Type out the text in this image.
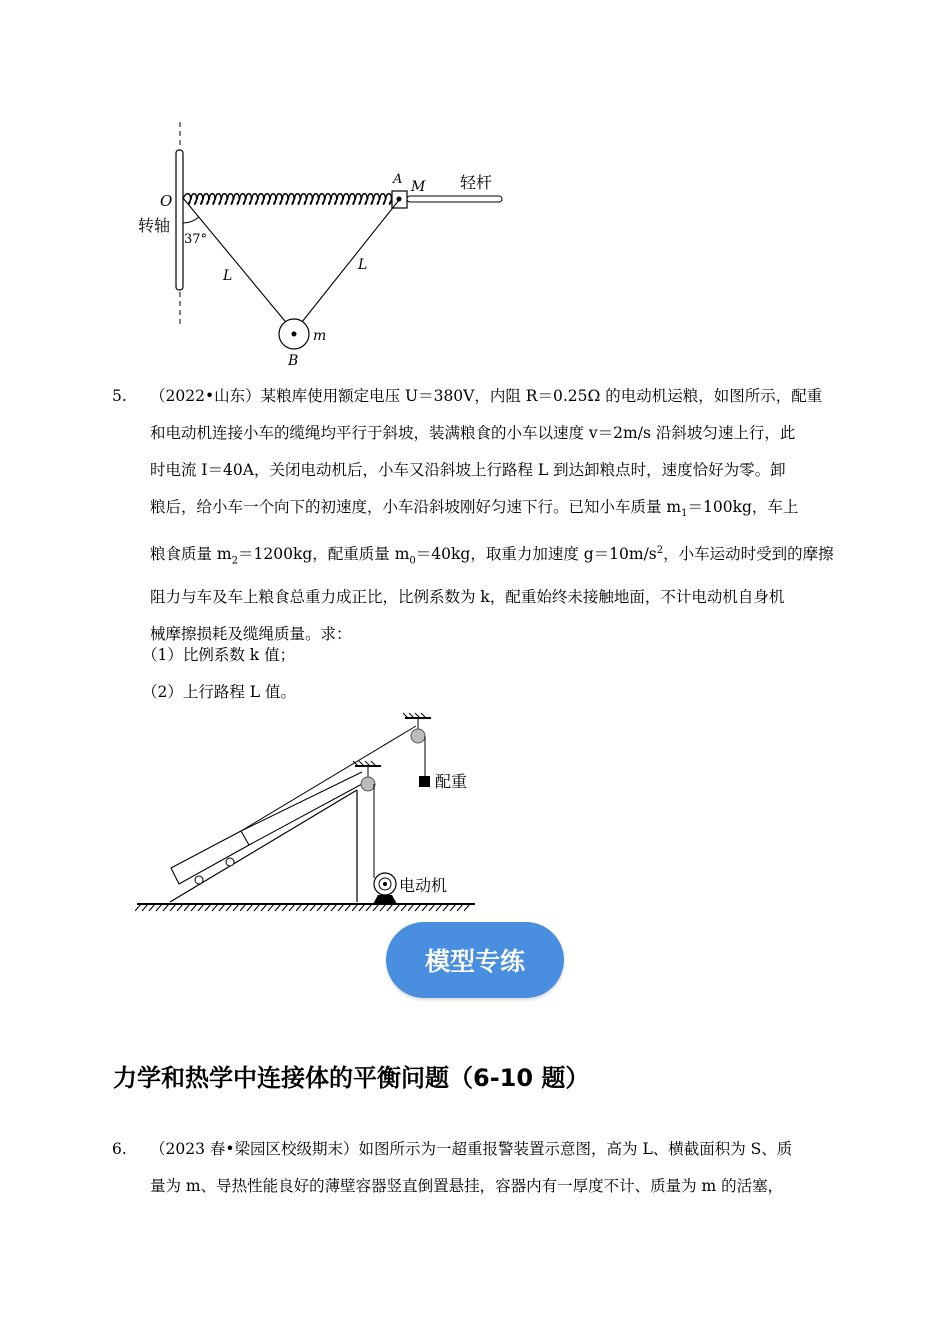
O
转轴
37°
A M 轻杆
L
L
m
B
5. （2022•山东）某粮库使用额定电压 U＝380V，内阻 R＝0.25Ω 的电动机运粮，如图所示，配重
和电动机连接小车的缆绳均平行于斜坡，装满粮食的小车以速度 v＝2m/s 沿斜坡匀速上行，此
时电流 I＝40A，关闭电动机后，小车又沿斜坡上行路程 L 到达卸粮点时，速度恰好为零。卸
粮后，给小车一个向下的初速度，小车沿斜坡刚好匀速下行。已知小车质量 $m_1=100kg$，车上
粮食质量 $m_2=1200kg$，配重质量 $m_0=40kg$，取重力加速度 $g=10m/s^2$，小车运动时受到的摩擦
阻力与车及车上粮食总重力成正比，比例系数为 k，配重始终未接触地面，不计电动机自身机
械摩擦损耗及缆绳质量。求：
（1）比例系数 k 值；
（2）上行路程 L 值。
配重
电动机
模型专练
力学和热学中连接体的平衡问题（6-10 题）
6. （2023 春•梁园区校级期末）如图所示为一超重报警装置示意图，高为 L、横截面积为 S、质
量为 m、导热性能良好的薄壁容器竖直倒置悬挂，容器内有一厚度不计、质量为 m 的活塞，
